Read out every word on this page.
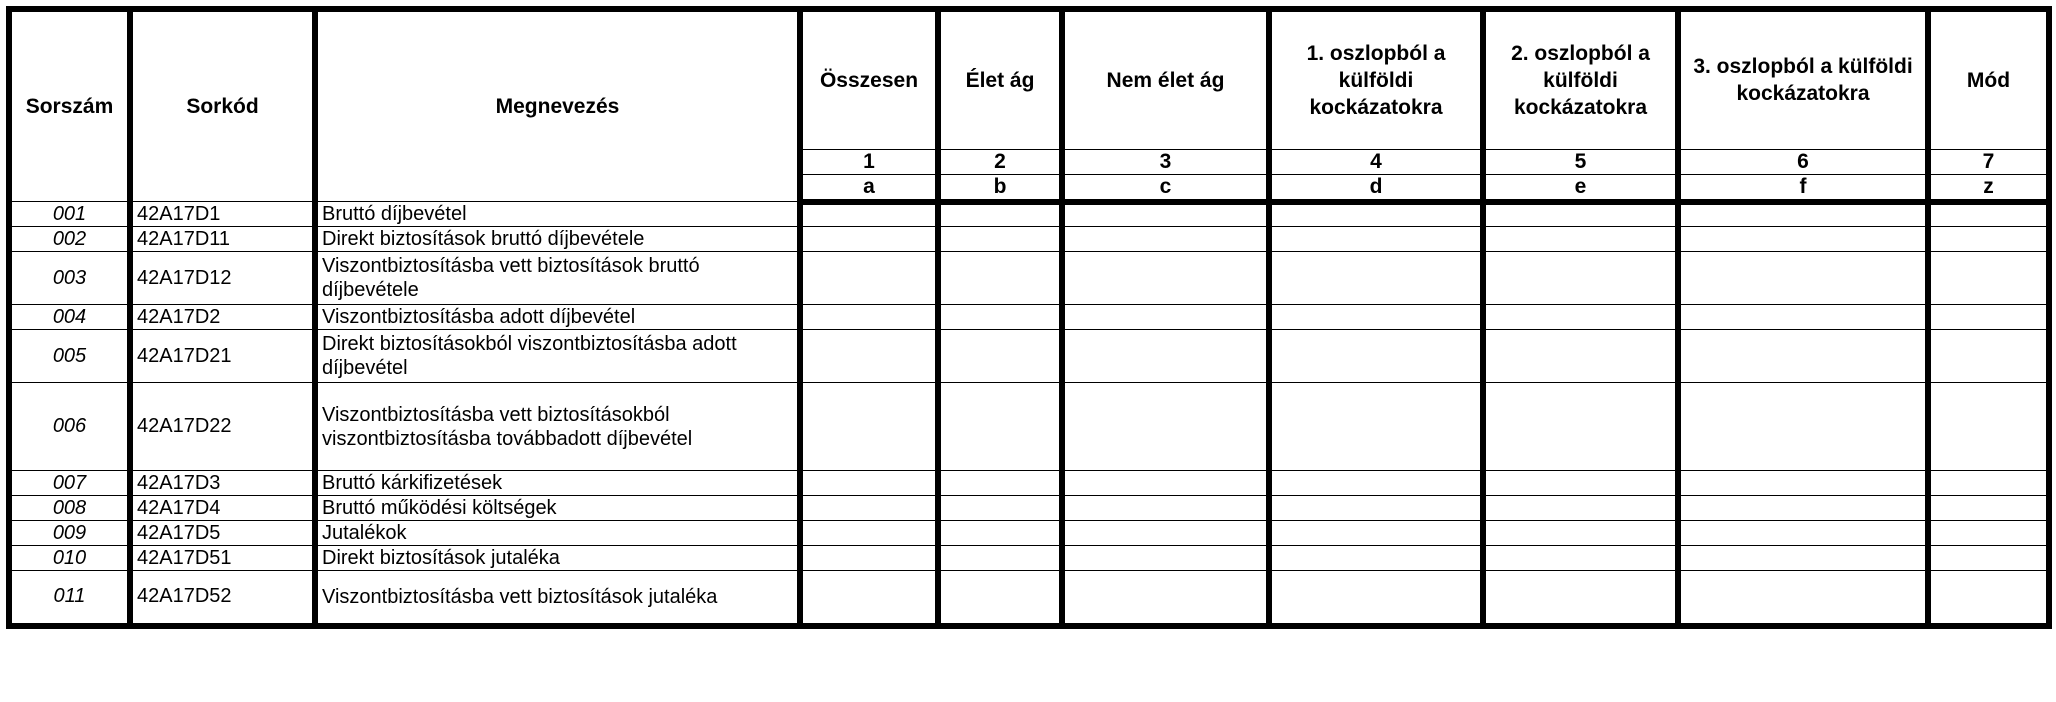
Sorszám	Sorkód	Megnevezés	Összesen	Élet ág	Nem élet ág	1. oszlopból a külföldi kockázatokra	2. oszlopból a külföldi kockázatokra	3. oszlopból a külföldi kockázatokra	Mód
			1	2	3	4	5	6	7
			a	b	c	d	e	f	z
001	42A17D1	Bruttó díjbevétel							
002	42A17D11	Direkt biztosítások bruttó díjbevétele							
003	42A17D12	Viszontbiztosításba vett biztosítások bruttó díjbevétele							
004	42A17D2	Viszontbiztosításba adott díjbevétel							
005	42A17D21	Direkt biztosításokból viszontbiztosításba adott díjbevétel							
006	42A17D22	Viszontbiztosításba vett biztosításokból viszontbiztosításba továbbadott díjbevétel							
007	42A17D3	Bruttó kárkifizetések							
008	42A17D4	Bruttó működési költségek							
009	42A17D5	Jutalékok							
010	42A17D51	Direkt biztosítások jutaléka							
011	42A17D52	Viszontbiztosításba vett biztosítások jutaléka							
